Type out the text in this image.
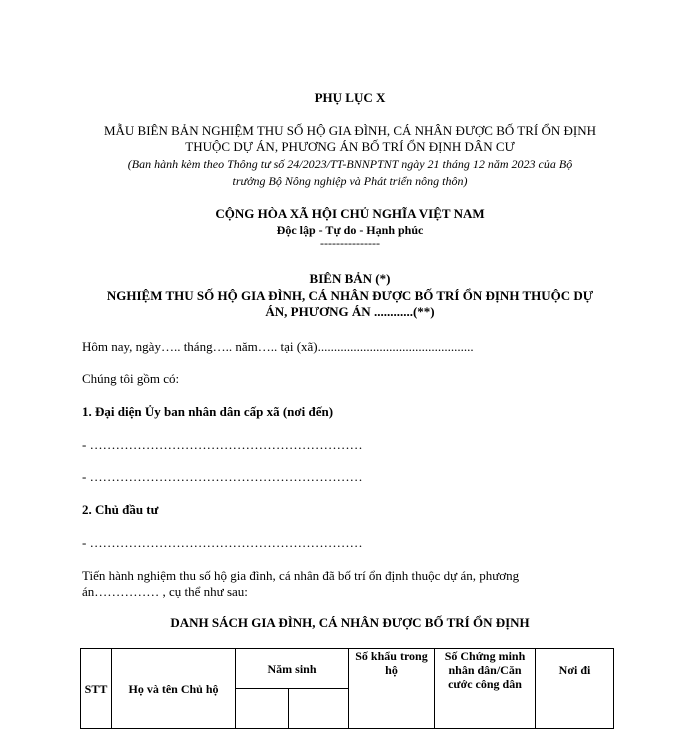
PHỤ LỤC X
MẪU BIÊN BẢN NGHIỆM THU SỐ HỘ GIA ĐÌNH, CÁ NHÂN ĐƯỢC BỐ TRÍ ỔN ĐỊNH
THUỘC DỰ ÁN, PHƯƠNG ÁN BỐ TRÍ ỔN ĐỊNH DÂN CƯ
(Ban hành kèm theo Thông tư số 24/2023/TT-BNNPTNT ngày 21 tháng 12 năm 2023 của Bộ
trưởng Bộ Nông nghiệp và Phát triển nông thôn)
CỘNG HÒA XÃ HỘI CHỦ NGHĨA VIỆT NAM
Độc lập - Tự do - Hạnh phúc
---------------
BIÊN BẢN (*)
NGHIỆM THU SỐ HỘ GIA ĐÌNH, CÁ NHÂN ĐƯỢC BỐ TRÍ ỔN ĐỊNH THUỘC DỰ
ÁN, PHƯƠNG ÁN ............(**)
Hôm nay, ngày….. tháng….. năm….. tại (xã)................................................
Chúng tôi gồm có:
1. Đại diện Ủy ban nhân dân cấp xã (nơi đến)
- ………………………………………………………
- ………………………………………………………
2. Chủ đầu tư
- ………………………………………………………
Tiến hành nghiệm thu số hộ gia đình, cá nhân đã bố trí ổn định thuộc dự án, phương
án…………… , cụ thể như sau:
DANH SÁCH GIA ĐÌNH, CÁ NHÂN ĐƯỢC BỐ TRÍ ỔN ĐỊNH
STT	Họ và tên Chủ hộ	Năm sinh		Số khẩu trong hộ	Số Chứng minh nhân dân/Căn cước công dân	Nơi đi
